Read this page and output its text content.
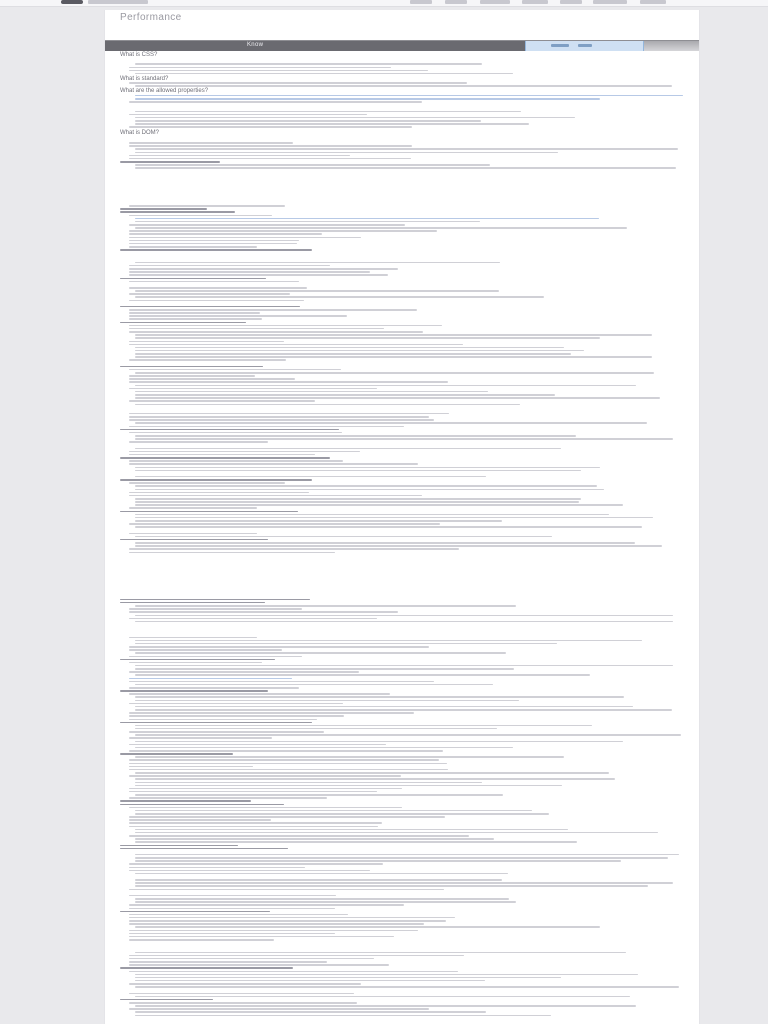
Performance
Know
What is CSS?
What is standard?
What are the allowed properties?
What is DOM?
